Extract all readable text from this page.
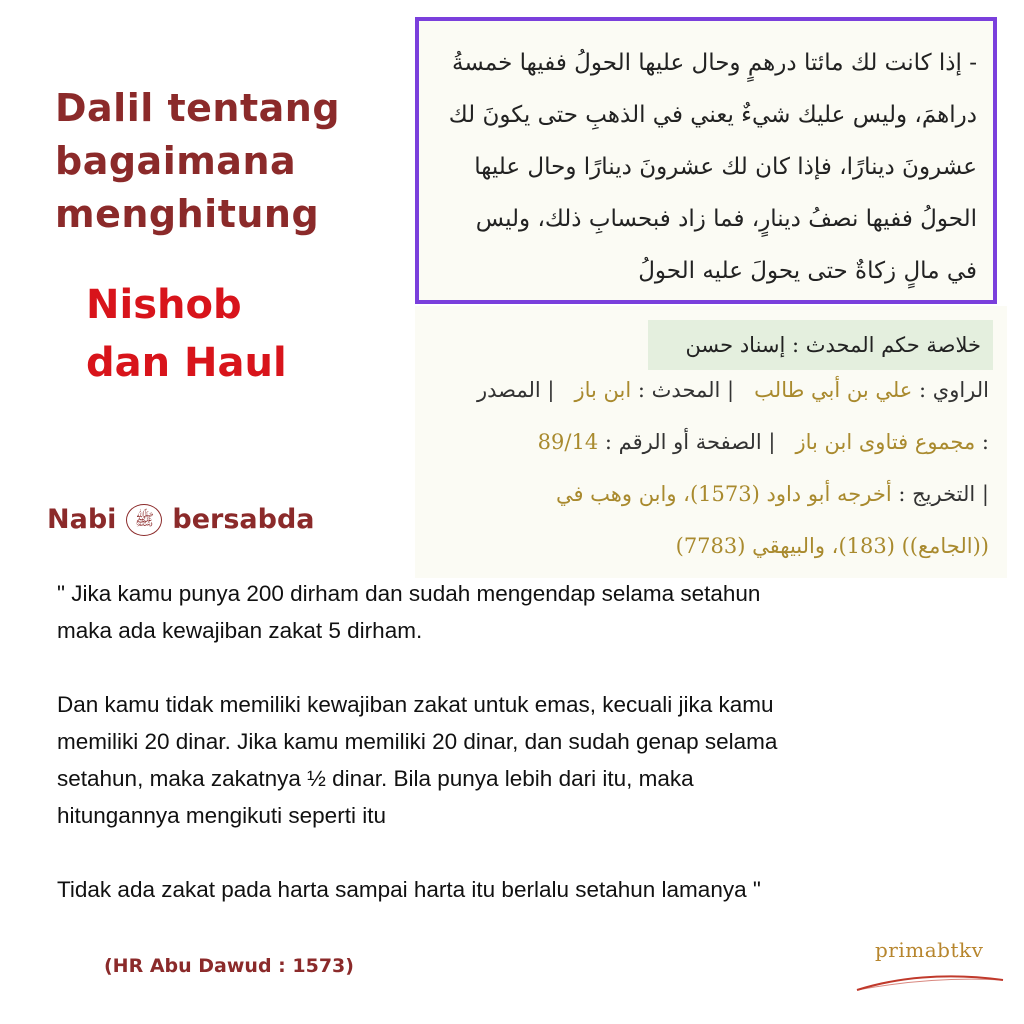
Dalil tentang
bagaimana
menghitung
Nishob
dan Haul
Nabi	ﷺ bersabda
- إذا كانت لك مائتا درهمٍ وحال عليها الحولُ ففيها خمسةُ
دراهمَ، وليس عليك شيءٌ يعني في الذهبِ حتى يكونَ لك
عشرونَ دينارًا، فإذا كان لك عشرونَ دينارًا وحال عليها
الحولُ ففيها نصفُ دينارٍ، فما زاد فبحسابِ ذلك، وليس
في مالٍ زكاةٌ حتى يحولَ عليه الحولُ
خلاصة حكم المحدث : إسناد حسن
الراوي : علي بن أبي طالب   | المحدث : ابن باز   | المصدر
: مجموع فتاوى ابن باز   | الصفحة أو الرقم : 89/14
| التخريج : أخرجه أبو داود (1573)، وابن وهب في
((الجامع)) (183)، والبيهقي (7783)
" Jika kamu punya 200 dirham dan sudah mengendap selama setahun
maka ada kewajiban zakat 5 dirham.
Dan kamu tidak memiliki kewajiban zakat untuk emas, kecuali jika kamu
memiliki 20 dinar. Jika kamu memiliki 20 dinar, dan sudah genap selama
setahun, maka zakatnya ½ dinar. Bila punya lebih dari itu, maka
hitungannya mengikuti seperti itu
Tidak ada zakat pada harta sampai harta itu berlalu setahun lamanya "
(HR Abu Dawud : 1573)
primabtkv
